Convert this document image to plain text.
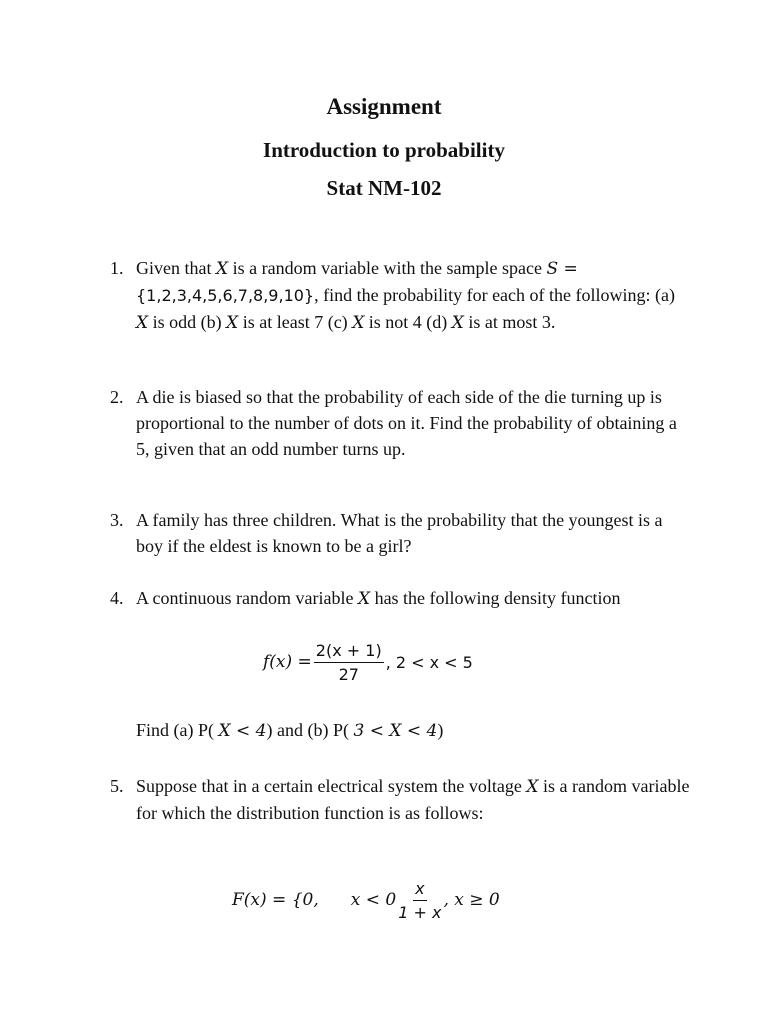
Assignment
Introduction to probability
Stat NM-102
1. Given that X is a random variable with the sample space S = {1,2,3,4,5,6,7,8,9,10}, find the probability for each of the following: (a) X is odd (b) X is at least 7 (c) X is not 4 (d) X is at most 3.
2. A die is biased so that the probability of each side of the die turning up is proportional to the number of dots on it. Find the probability of obtaining a 5, given that an odd number turns up.
3. A family has three children. What is the probability that the youngest is a boy if the eldest is known to be a girl?
4. A continuous random variable X has the following density function
$f(x) = \frac{2(x + 1)}{27}$ , 2 < x < 5
Find (a) P( X < 4) and (b) P( 3 < X < 4)
5. Suppose that in a certain electrical system the voltage X is a random variable for which the distribution function is as follows:
F(x) = {0, $x < 0 \frac{x}{1 + x}$ , x ≥ 0
